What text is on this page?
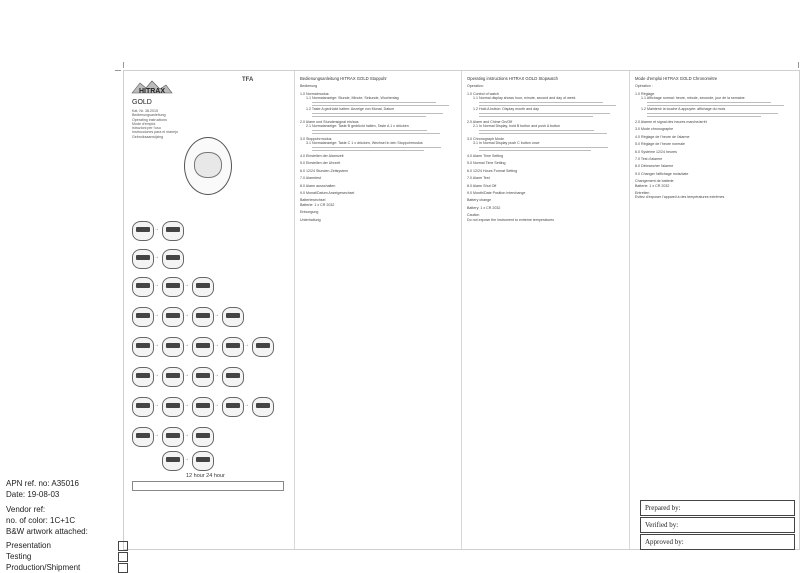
HITRAX
GOLD
Kat. Nr. 38.2015
Bedienungsanleitung
Operating instructions
Mode d'emploi
Istruzioni per l'uso
Instrucciones para el manejo
Gebruiksaanwijzing
TFA
→
→
→	→
→	→	→
→	→	→	→
→	→	→
→	→	→	→
→	→
→
12 hour 24 hour
Bedienungsanleitung HITRAX GOLD Stoppuhr
Bedienung
1.0 Normalmodus:
1.1 Normalanzeige: Stunde, Minute, Sekunde, Wochentag
1.2 Taste A gedrückt halten: Anzeige von Monat, Datum
2.0 Alarm und Stundensignal ein/aus
2.1 Normalanzeige: Taste B gedrückt halten, Taste A 1 x drücken
3.0 Stoppuhrmodus
3.1 Normalanzeige: Taste C 1 x drücken, Wechsel in den Stoppuhrmodus
4.0 Einstellen der Alarmzeit
5.0 Einstellen der Uhrzeit
6.0 12/24 Stunden-Zeitsystem
7.0 Alarmtest
8.0 Alarm ausschalten
9.0 Monat/Datum Anzeigewechsel
Batteriewechsel
Batterie: 1 x CR 2032
Entsorgung
Unterhaltung
Operating instructions HITRAX GOLD Stopwatch
Operation:
1.0 Control of watch
1.1 Normal display shows hour, minute, second and day of week
1.2 Hold A button: Display month and day
2.0 Alarm and Chime On/Off
2.1 In Normal Display, hold B button and push A button
3.0 Chronograph Mode
3.1 In Normal Display push C button once
4.0 Alarm Time Setting
5.0 Normal Time Setting
6.0 12/24 Hours Format Setting
7.0 Alarm Test
8.0 Alarm Shut Off
9.0 Month/Date Position Interchange
Battery change
Battery: 1 x CR 2032
Caution
Do not expose the instrument to extreme temperatures
Mode d'emploi HITRAX GOLD Chronomètre
Opération :
1.0 Réglage
1.1 Affichage normal: heure, minute, seconde, jour de la semaine
1.2 Maintenir la touche A appuyée: affichage du mois
2.0 Alarme et signal des heures marche/arrêt
3.0 Mode chronographe
4.0 Réglage de l'heure de l'alarme
5.0 Réglage de l'heure normale
6.0 Système 12/24 heures
7.0 Test d'alarme
8.0 Débrancher l'alarme
9.0 Changer l'affichage mois/date
Changement de batterie
Batterie: 1 x CR 2032
Entretien
Evitez d'exposer l'appareil à des températures extrêmes
APN ref. no: A35016
Date: 19-08-03
Vendor ref:
no. of color: 1C+1C
B&W artwork attached:
Presentation
Testing
Production/Shipment
Prepared by:
Verified by:
Approved by:
